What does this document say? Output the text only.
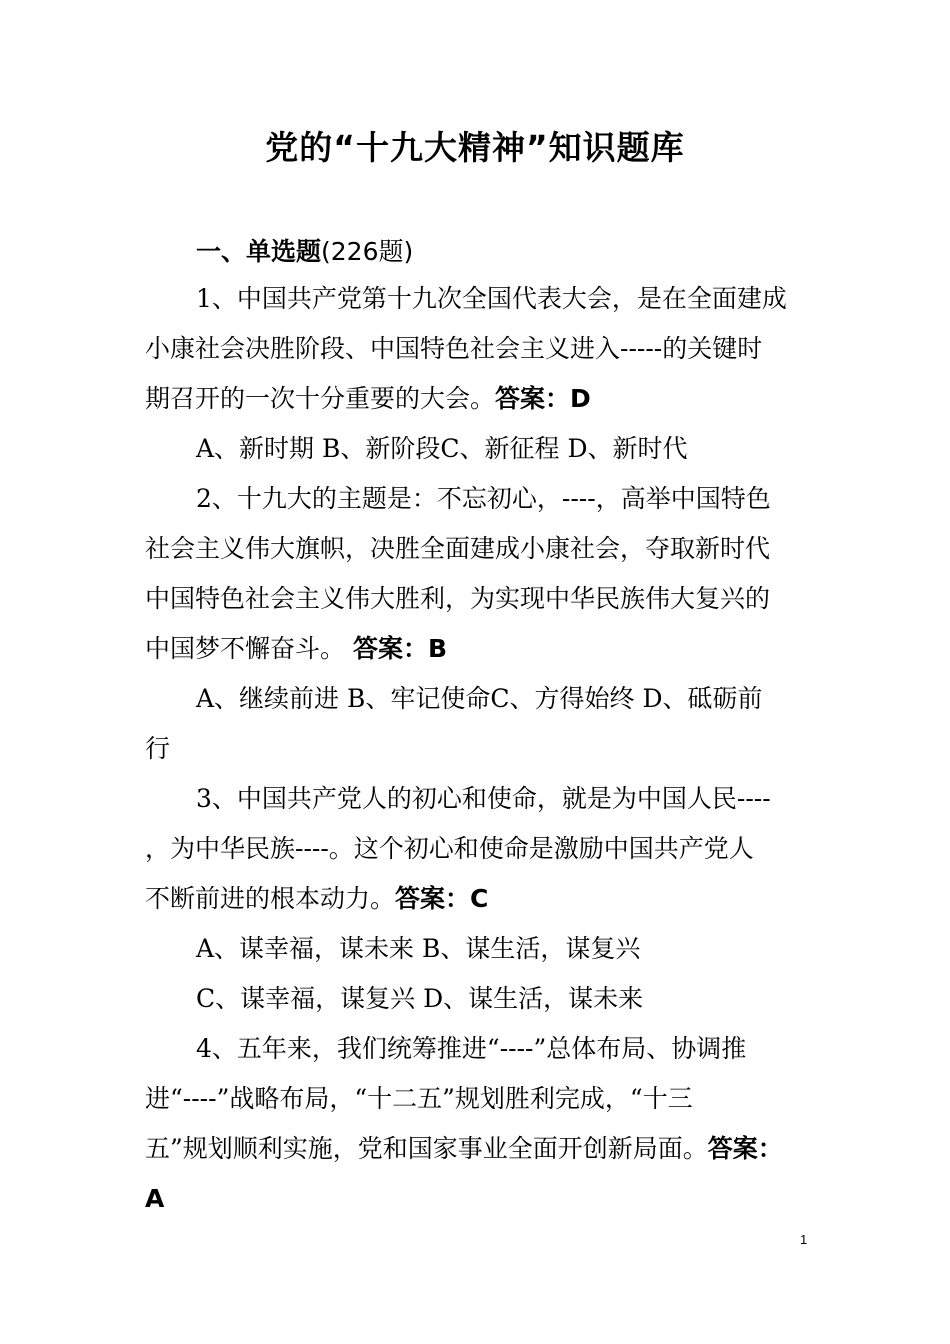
党的“十九大精神”知识题库
一、单选题(226题)
1、中国共产党第十九次全国代表大会，是在全面建成
小康社会决胜阶段、中国特色社会主义进入-----的关键时
期召开的一次十分重要的大会。答案：D
A、新时期 B、新阶段C、新征程 D、新时代
2、十九大的主题是：不忘初心，----，高举中国特色
社会主义伟大旗帜，决胜全面建成小康社会，夺取新时代
中国特色社会主义伟大胜利，为实现中华民族伟大复兴的
中国梦不懈奋斗。 答案：B
A、继续前进 B、牢记使命C、方得始终 D、砥砺前
行
3、中国共产党人的初心和使命，就是为中国人民----
，为中华民族----。这个初心和使命是激励中国共产党人
不断前进的根本动力。答案：C
A、谋幸福，谋未来 B、谋生活，谋复兴
C、谋幸福，谋复兴 D、谋生活，谋未来
4、五年来，我们统筹推进“----”总体布局、协调推
进“----”战略布局，“十二五”规划胜利完成，“十三
五”规划顺利实施，党和国家事业全面开创新局面。答案：
A
1
